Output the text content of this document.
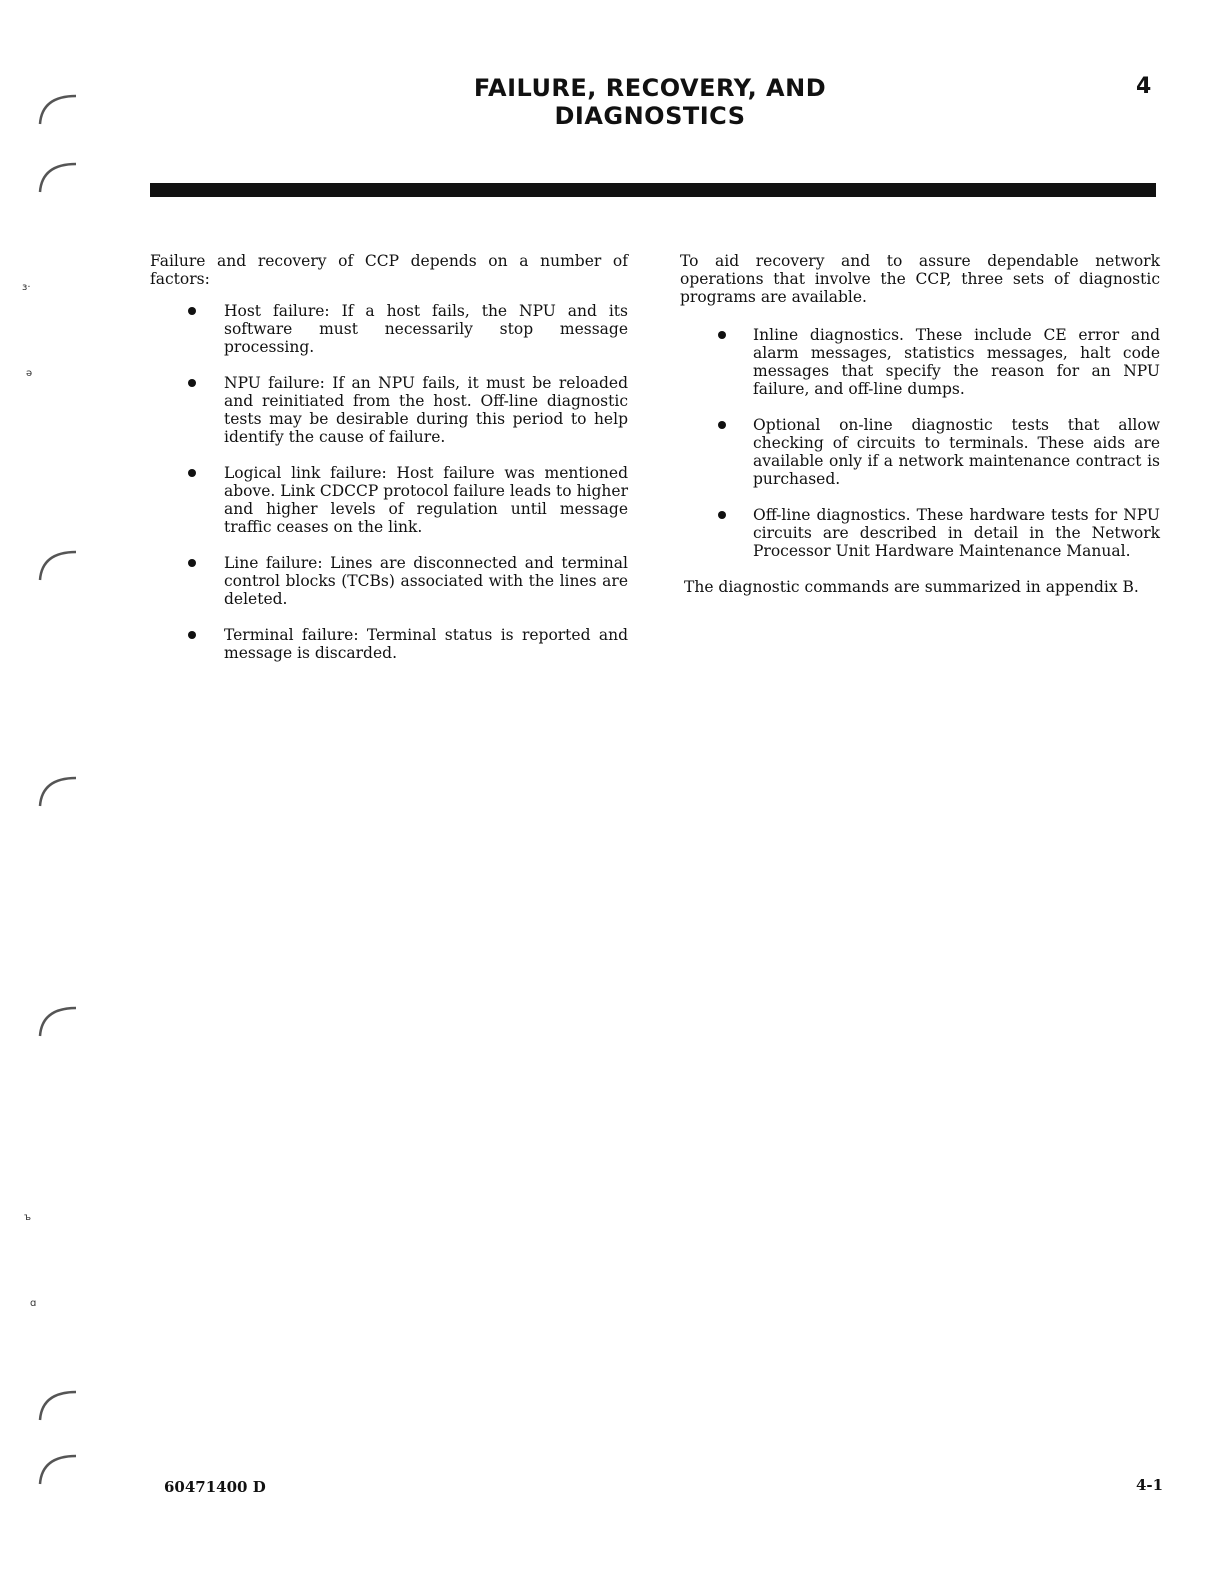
FAILURE, RECOVERY, AND DIAGNOSTICS
4

Failure and recovery of CCP depends on a number of factors:

Host failure: If a host fails, the NPU and its software must necessarily stop message processing.
NPU failure: If an NPU fails, it must be reloaded and reinitiated from the host. Off-line diagnostic tests may be desirable during this period to help identify the cause of failure.
Logical link failure: Host failure was mentioned above. Link CDCCP protocol failure leads to higher and higher levels of regulation until message traffic ceases on the link.
Line failure: Lines are disconnected and terminal control blocks (TCBs) associated with the lines are deleted.
Terminal failure: Terminal status is reported and message is discarded.

To aid recovery and to assure dependable network operations that involve the CCP, three sets of diagnostic programs are available.

Inline diagnostics. These include CE error and alarm messages, statistics messages, halt code messages that specify the reason for an NPU failure, and off-line dumps.
Optional on-line diagnostic tests that allow checking of circuits to terminals. These aids are available only if a network maintenance contract is purchased.
Off-line diagnostics. These hardware tests for NPU circuits are described in detail in the Network Processor Unit Hardware Maintenance Manual.

The diagnostic commands are summarized in appendix B.

60471400 D	4-1
ɜ·
ə
ъ
ɑ
